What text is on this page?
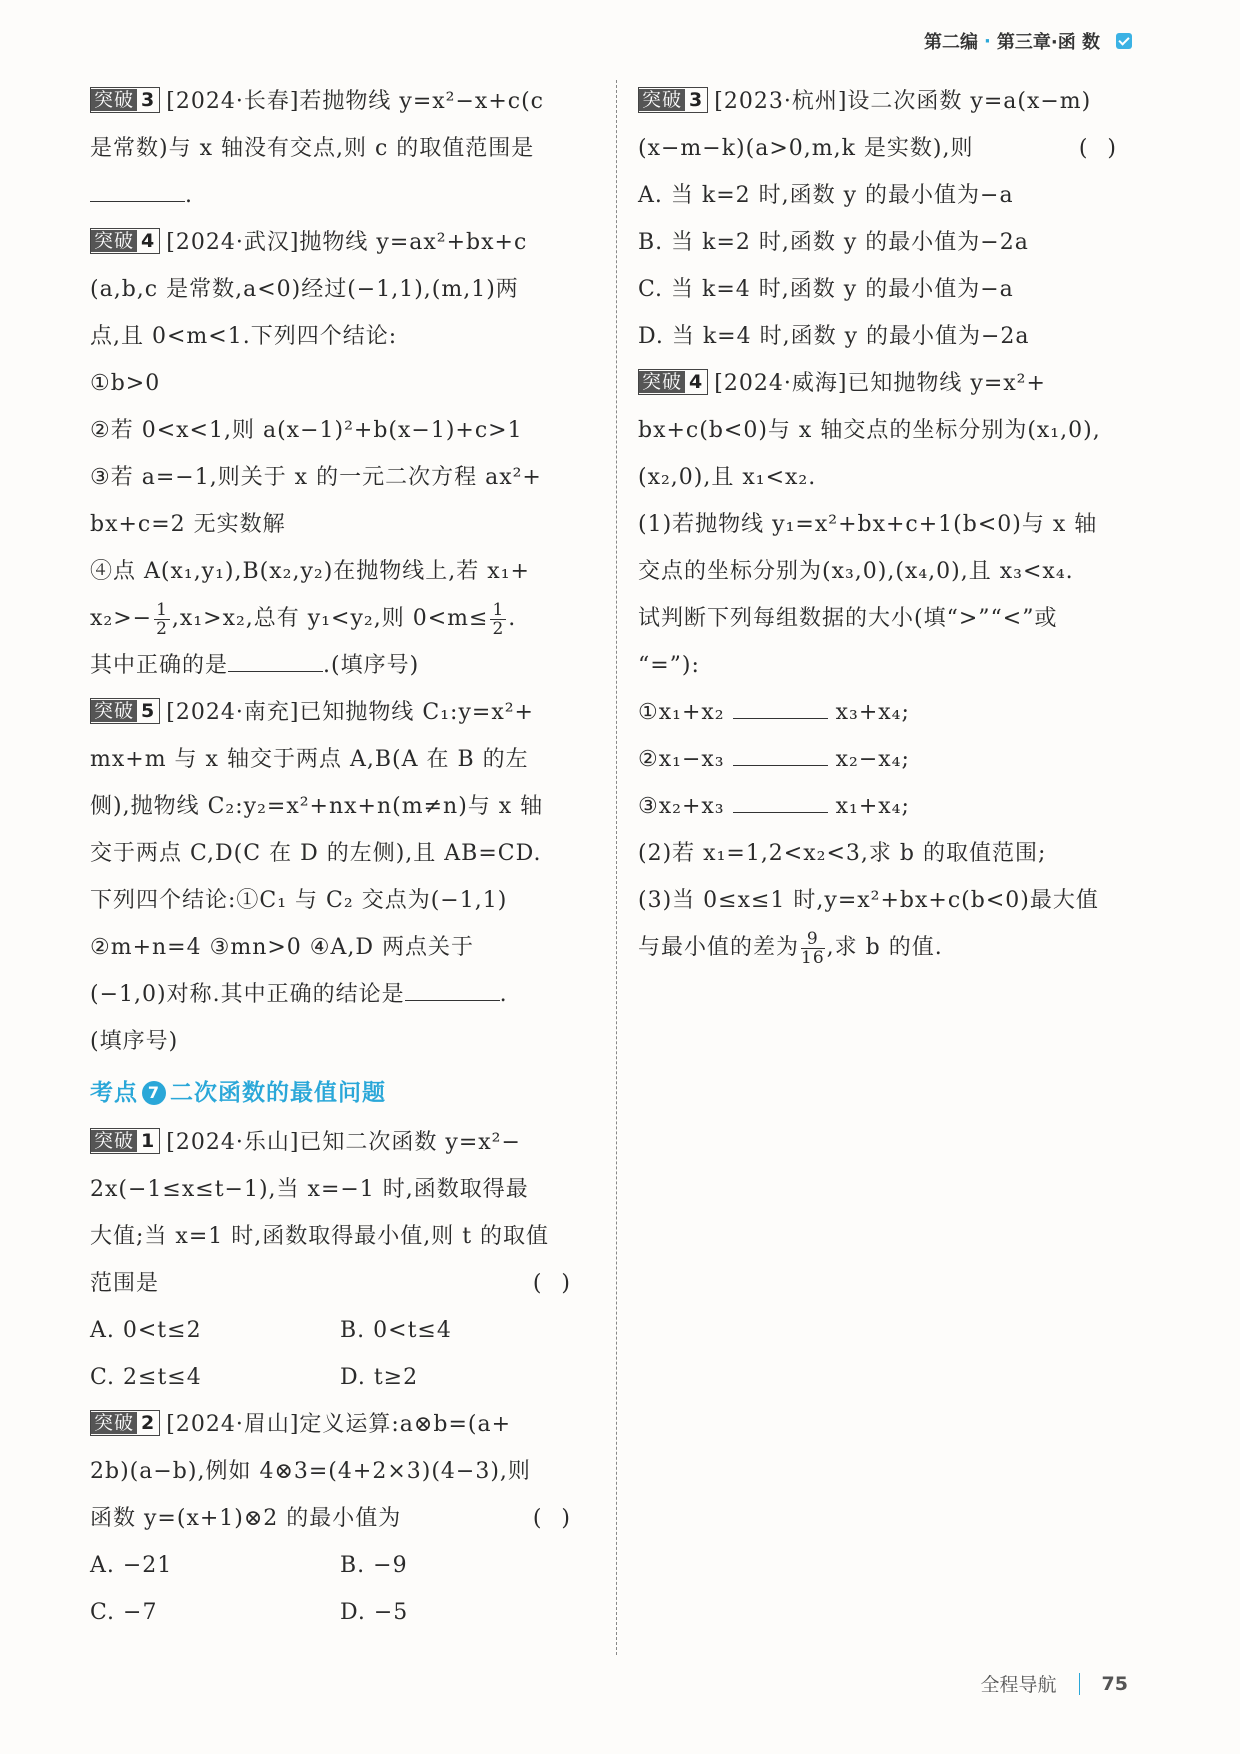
第二编 · 第三章·函 数

突破 3 [2024·长春]若抛物线 y=x²−x+c(c
是常数)与 x 轴没有交点,则 c 的取值范围是
.

突破 4 [2024·武汉]抛物线 y=ax²+bx+c
(a,b,c 是常数,a<0)经过(−1,1),(m,1)两
点,且 0<m<1.下列四个结论:
①b>0
②若 0<x<1,则 a(x−1)²+b(x−1)+c>1
③若 a=−1,则关于 x 的一元二次方程 ax²+
bx+c=2 无实数解
④点 A(x₁,y₁),B(x₂,y₂)在抛物线上,若 x₁+
$x_2>- \frac{1}{2} ,x_1>x_2$,总有 y₁<y₂,则 $0<m\le \frac{1}{2}$ .
其中正确的是	.(填序号)

突破 5 [2024·南充]已知抛物线 C₁:y=x²+
mx+m 与 x 轴交于两点 A,B(A 在 B 的左
侧),抛物线 C₂:y₂=x²+nx+n(m≠n)与 x 轴
交于两点 C,D(C 在 D 的左侧),且 AB=CD.
下列四个结论:①C₁ 与 C₂ 交点为(−1,1)
②m+n=4 ③mn>0 ④A,D 两点关于
(−1,0)对称.其中正确的结论是	.
(填序号)

考点 7 二次函数的最值问题

突破 1 [2024·乐山]已知二次函数 y=x²−
2x(−1≤x≤t−1),当 x=−1 时,函数取得最
大值;当 x=1 时,函数取得最小值,则 t 的取值
范围是	()

A. 0<t≤2	B. 0<t≤4
C. 2≤t≤4	D. t≥2

突破 2 [2024·眉山]定义运算:a⊗b=(a+
2b)(a−b),例如 4⊗3=(4+2×3)(4−3),则
函数 y=(x+1)⊗2 的最小值为	()

A. −21	B. −9
C. −7	D. −5

突破 3 [2023·杭州]设二次函数 y=a(x−m)
(x−m−k)(a>0,m,k 是实数),则	()

A. 当 k=2 时,函数 y 的最小值为−a
B. 当 k=2 时,函数 y 的最小值为−2a
C. 当 k=4 时,函数 y 的最小值为−a
D. 当 k=4 时,函数 y 的最小值为−2a

突破 4 [2024·威海]已知抛物线 y=x²+
bx+c(b<0)与 x 轴交点的坐标分别为(x₁,0),
(x₂,0),且 x₁<x₂.
(1)若抛物线 y₁=x²+bx+c+1(b<0)与 x 轴
交点的坐标分别为(x₃,0),(x₄,0),且 x₃<x₄.
试判断下列每组数据的大小(填“>”“<”或
“=”):
①x₁+x₂	x₃+x₄;
②x₁−x₃	x₂−x₄;
③x₂+x₃	x₁+x₄;
(2)若 x₁=1,2<x₂<3,求 b 的取值范围;
(3)当 0≤x≤1 时,y=x²+bx+c(b<0)最大值
与最小值的差为 $\frac{9}{16}$ ,求 b 的值.

全程导航 75
